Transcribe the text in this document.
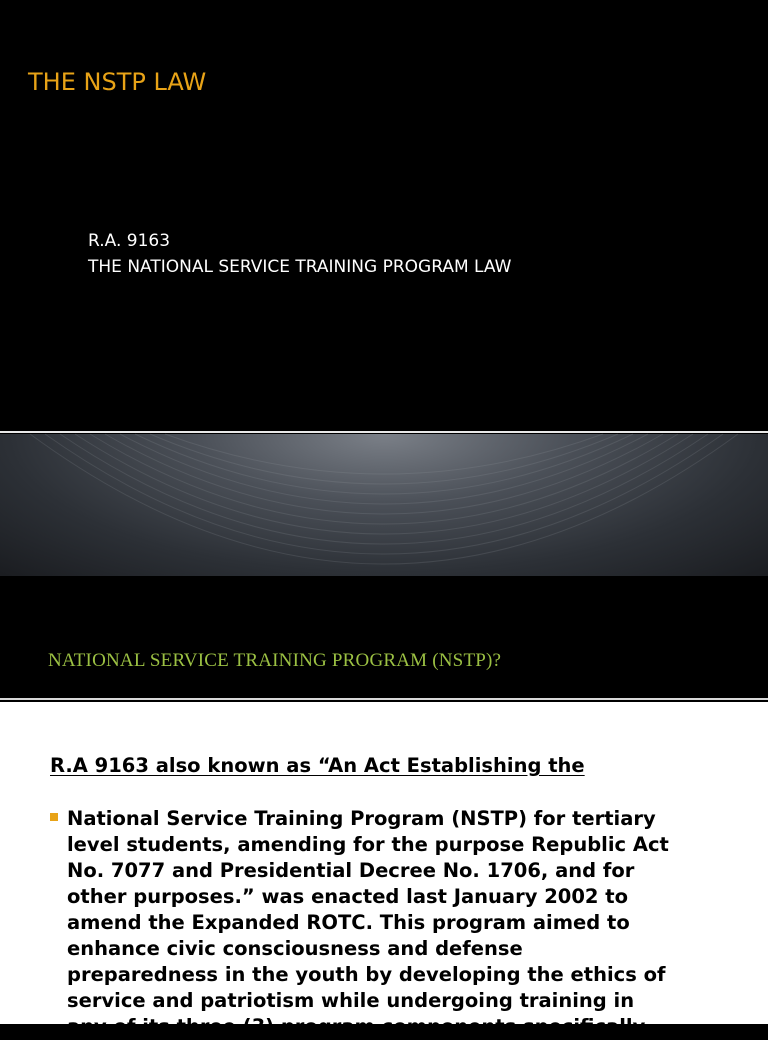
THE NSTP LAW
R.A. 9163
THE NATIONAL SERVICE TRAINING PROGRAM LAW
NATIONAL SERVICE TRAINING PROGRAM (NSTP)?
R.A 9163 also known as “An Act Establishing the

National Service Training Program (NSTP) for tertiary
level students, amending for the purpose Republic Act
No. 7077 and Presidential Decree No. 1706, and for
other purposes.” was enacted last January 2002 to
amend the Expanded ROTC. This program aimed to
enhance civic consciousness and defense
preparedness in the youth by developing the ethics of
service and patriotism while undergoing training in
any of its three (3) program components specifically
